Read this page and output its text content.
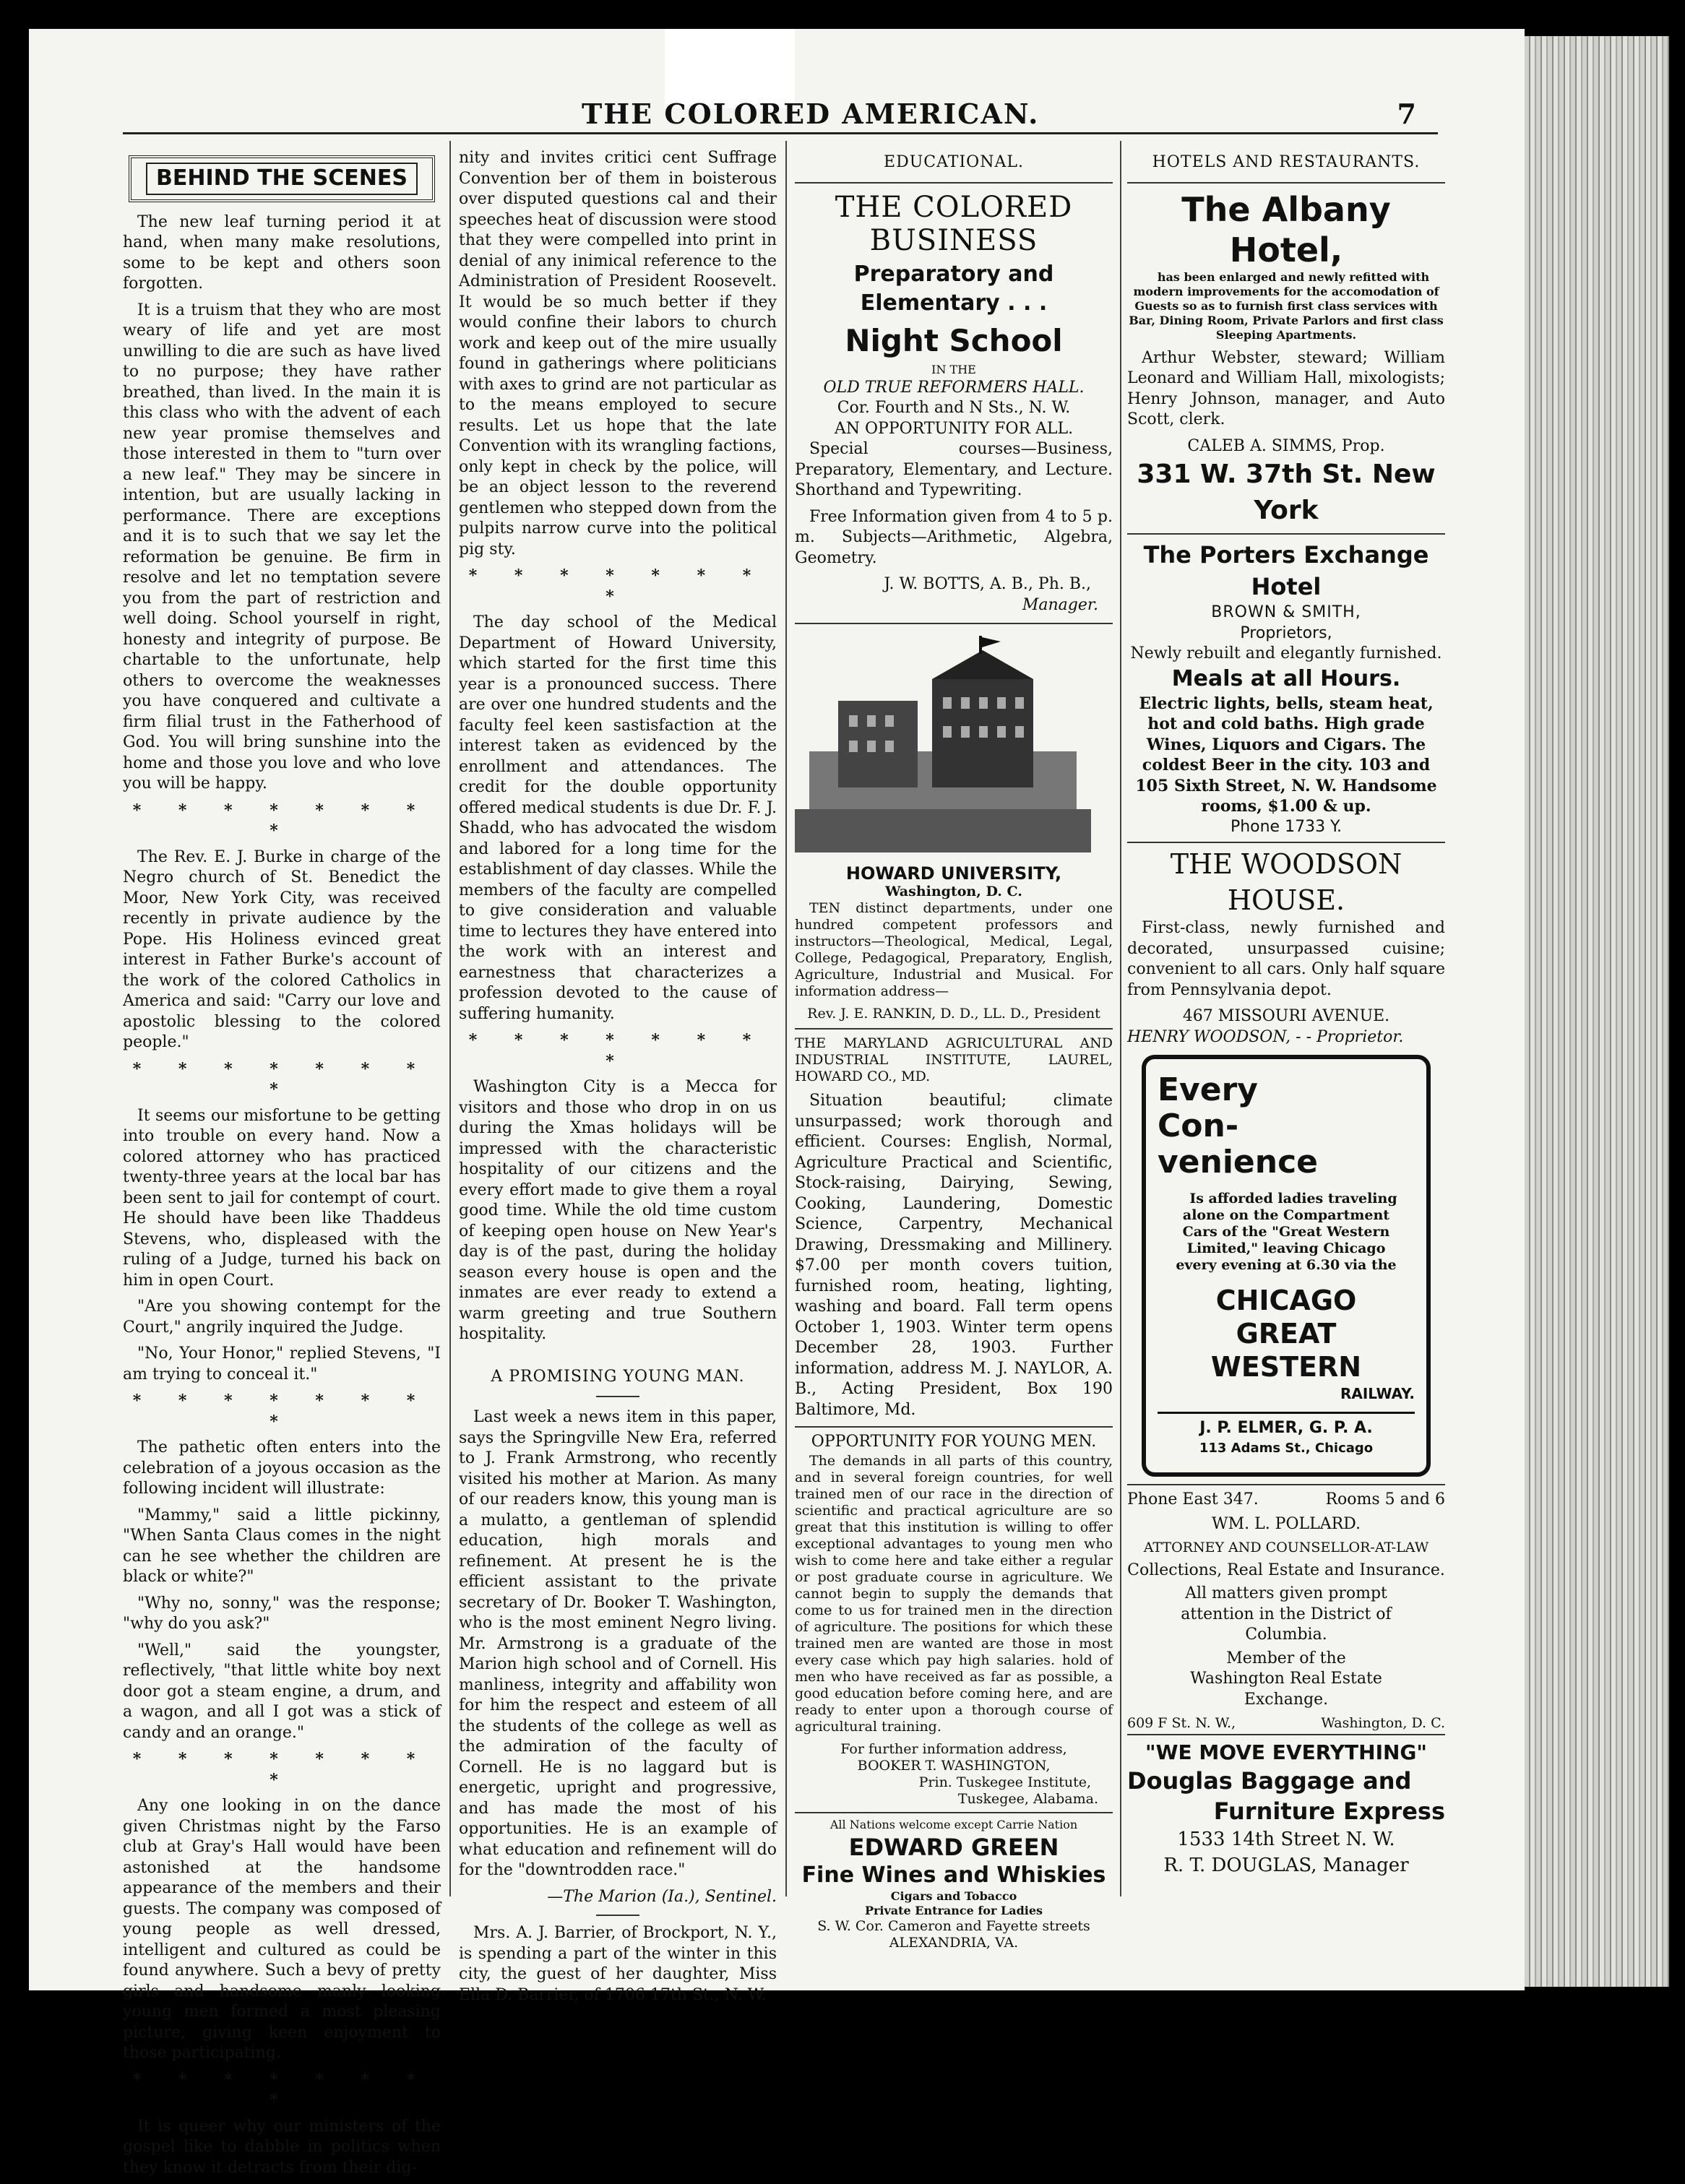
THE COLORED AMERICAN.	7
BEHIND THE SCENES

The new leaf turning period it at hand, when many make resolutions, some to be kept and others soon forgotten.

It is a truism that they who are most weary of life and yet are most unwilling to die are such as have lived to no purpose; they have rather breathed, than lived. In the main it is this class who with the advent of each new year promise themselves and those interested in them to "turn over a new leaf." They may be sincere in intention, but are usually lacking in performance. There are exceptions and it is to such that we say let the reformation be genuine. Be firm in resolve and let no temptation severe you from the part of restriction and well doing. School yourself in right, honesty and integrity of purpose. Be chartable to the unfortunate, help others to overcome the weaknesses you have conquered and cultivate a firm filial trust in the Fatherhood of God. You will bring sunshine into the home and those you love and who love you will be happy.

* * * * * * * *

The Rev. E. J. Burke in charge of the Negro church of St. Benedict the Moor, New York City, was received recently in private audience by the Pope. His Holiness evinced great interest in Father Burke's account of the work of the colored Catholics in America and said: "Carry our love and apostolic blessing to the colored people."

* * * * * * * *

It seems our misfortune to be getting into trouble on every hand. Now a colored attorney who has practiced twenty-three years at the local bar has been sent to jail for contempt of court. He should have been like Thaddeus Stevens, who, displeased with the ruling of a Judge, turned his back on him in open Court.

"Are you showing contempt for the Court," angrily inquired the Judge.

"No, Your Honor," replied Stevens, "I am trying to conceal it."

* * * * * * * *

The pathetic often enters into the celebration of a joyous occasion as the following incident will illustrate:

"Mammy," said a little pickinny, "When Santa Claus comes in the night can he see whether the children are black or white?"

"Why no, sonny," was the response; "why do you ask?"

"Well," said the youngster, reflectively, "that little white boy next door got a steam engine, a drum, and a wagon, and all I got was a stick of candy and an orange."

* * * * * * * *

Any one looking in on the dance given Christmas night by the Farso club at Gray's Hall would have been astonished at the handsome appearance of the members and their guests. The company was composed of young people as well dressed, intelligent and cultured as could be found anywhere. Such a bevy of pretty girls and handsome manly looking young men formed a most pleasing picture, giving keen enjoyment to those participating.

* * * * * * * *

It is queer why our ministers of the gospel like to dabble in politics when they know it detracts from their dig-

nity and invites critici cent Suffrage Convention ber of them in boisterous over disputed questions cal and their speeches heat of discussion were stood that they were compelled into print in denial of any inimical reference to the Administration of President Roosevelt. It would be so much better if they would confine their labors to church work and keep out of the mire usually found in gatherings where politicians with axes to grind are not particular as to the means employed to secure results. Let us hope that the late Convention with its wrangling factions, only kept in check by the police, will be an object lesson to the reverend gentlemen who stepped down from the pulpits narrow curve into the political pig sty.

* * * * * * * *

The day school of the Medical Department of Howard University, which started for the first time this year is a pronounced success. There are over one hundred students and the faculty feel keen sastisfaction at the interest taken as evidenced by the enrollment and attendances. The credit for the double opportunity offered medical students is due Dr. F. J. Shadd, who has advocated the wisdom and labored for a long time for the establishment of day classes. While the members of the faculty are compelled to give consideration and valuable time to lectures they have entered into the work with an interest and earnestness that characterizes a profession devoted to the cause of suffering humanity.

* * * * * * * *

Washington City is a Mecca for visitors and those who drop in on us during the Xmas holidays will be impressed with the characteristic hospitality of our citizens and the every effort made to give them a royal good time. While the old time custom of keeping open house on New Year's day is of the past, during the holiday season every house is open and the inmates are ever ready to extend a warm greeting and true Southern hospitality.

A PROMISING YOUNG MAN.

Last week a news item in this paper, says the Springville New Era, referred to J. Frank Armstrong, who recently visited his mother at Marion. As many of our readers know, this young man is a mulatto, a gentleman of splendid education, high morals and refinement. At present he is the efficient assistant to the private secretary of Dr. Booker T. Washington, who is the most eminent Negro living. Mr. Armstrong is a graduate of the Marion high school and of Cornell. His manliness, integrity and affability won for him the respect and esteem of all the students of the college as well as the admiration of the faculty of Cornell. He is no laggard but is energetic, upright and progressive, and has made the most of his opportunities. He is an example of what education and refinement will do for the "downtrodden race."

—The Marion (Ia.), Sentinel.

Mrs. A. J. Barrier, of Brockport, N. Y., is spending a part of the winter in this city, the guest of her daughter, Miss Ella D. Barrier, of 1706 17th St., N. W.

EDUCATIONAL.
THE COLORED BUSINESS
Preparatory and Elementary . . .
Night School
IN THE
OLD TRUE REFORMERS HALL.
Cor. Fourth and N Sts., N. W.
AN OPPORTUNITY FOR ALL.

Special courses—Business, Preparatory, Elementary, and Lecture. Shorthand and Typewriting.

Free Information given from 4 to 5 p. m. Subjects—Arithmetic, Algebra, Geometry.

J. W. BOTTS, A. B., Ph. B.,
Manager.
HOWARD UNIVERSITY,
Washington, D. C.

TEN distinct departments, under one hundred competent professors and instructors—Theological, Medical, Legal, College, Pedagogical, Preparatory, English, Agriculture, Industrial and Musical. For information address—

Rev. J. E. RANKIN, D. D., LL. D., President

THE MARYLAND AGRICULTURAL AND INDUSTRIAL INSTITUTE, LAUREL, HOWARD CO., MD.

Situation beautiful; climate unsurpassed; work thorough and efficient. Courses: English, Normal, Agriculture Practical and Scientific, Stock-raising, Dairying, Sewing, Cooking, Laundering, Domestic Science, Carpentry, Mechanical Drawing, Dressmaking and Millinery. $7.00 per month covers tuition, furnished room, heating, lighting, washing and board. Fall term opens October 1, 1903. Winter term opens December 28, 1903. Further information, address M. J. NAYLOR, A. B., Acting President, Box 190 Baltimore, Md.

OPPORTUNITY FOR YOUNG MEN.

The demands in all parts of this country, and in several foreign countries, for well trained men of our race in the direction of scientific and practical agriculture are so great that this institution is willing to offer exceptional advantages to young men who wish to come here and take either a regular or post graduate course in agriculture. We cannot begin to supply the demands that come to us for trained men in the direction of agriculture. The positions for which these trained men are wanted are those in most every case which pay high salaries. hold of men who have received as far as possible, a good education before coming here, and are ready to enter upon a thorough course of agricultural training.

For further information address,
BOOKER T. WASHINGTON,
Prin. Tuskegee Institute,
Tuskegee, Alabama.
All Nations welcome except Carrie Nation
EDWARD GREEN
Fine Wines and Whiskies
Cigars and Tobacco
Private Entrance for Ladies
S. W. Cor. Cameron and Fayette streets
ALEXANDRIA, VA.
HOTELS AND RESTAURANTS.
The Albany Hotel,

has been enlarged and newly refitted with modern improvements for the accomodation of Guests so as to furnish first class services with Bar, Dining Room, Private Parlors and first class Sleeping Apartments.

Arthur Webster, steward; William Leonard and William Hall, mixologists; Henry Johnson, manager, and Auto Scott, clerk.

CALEB A. SIMMS, Prop.
331 W. 37th St. New York
The Porters Exchange Hotel
BROWN & SMITH,
Proprietors,
Newly rebuilt and elegantly furnished.
Meals at all Hours.
Electric lights, bells, steam heat, hot and cold baths. High grade Wines, Liquors and Cigars. The coldest Beer in the city. 103 and 105 Sixth Street, N. W. Handsome rooms, $1.00 & up.
Phone 1733 Y.
THE WOODSON HOUSE.

First-class, newly furnished and decorated, unsurpassed cuisine; convenient to all cars. Only half square from Pennsylvania depot.

467 MISSOURI AVENUE.
HENRY WOODSON, - - Proprietor.
Every
Con-
venience

Is afforded ladies traveling alone on the Compartment Cars of the "Great Western Limited," leaving Chicago every evening at 6.30 via the

CHICAGO
GREAT
WESTERN
RAILWAY.
J. P. ELMER, G. P. A.
113 Adams St., Chicago
Phone East 347.	Rooms 5 and 6
WM. L. POLLARD.
ATTORNEY AND COUNSELLOR-AT-LAW
Collections, Real Estate and Insurance.
All matters given prompt attention in the District of Columbia.
Member of the Washington Real Estate Exchange.
609 F St. N. W.,	Washington, D. C.
"WE MOVE EVERYTHING"
Douglas Baggage and
Furniture Express
1533 14th Street N. W.
R. T. DOUGLAS, Manager
